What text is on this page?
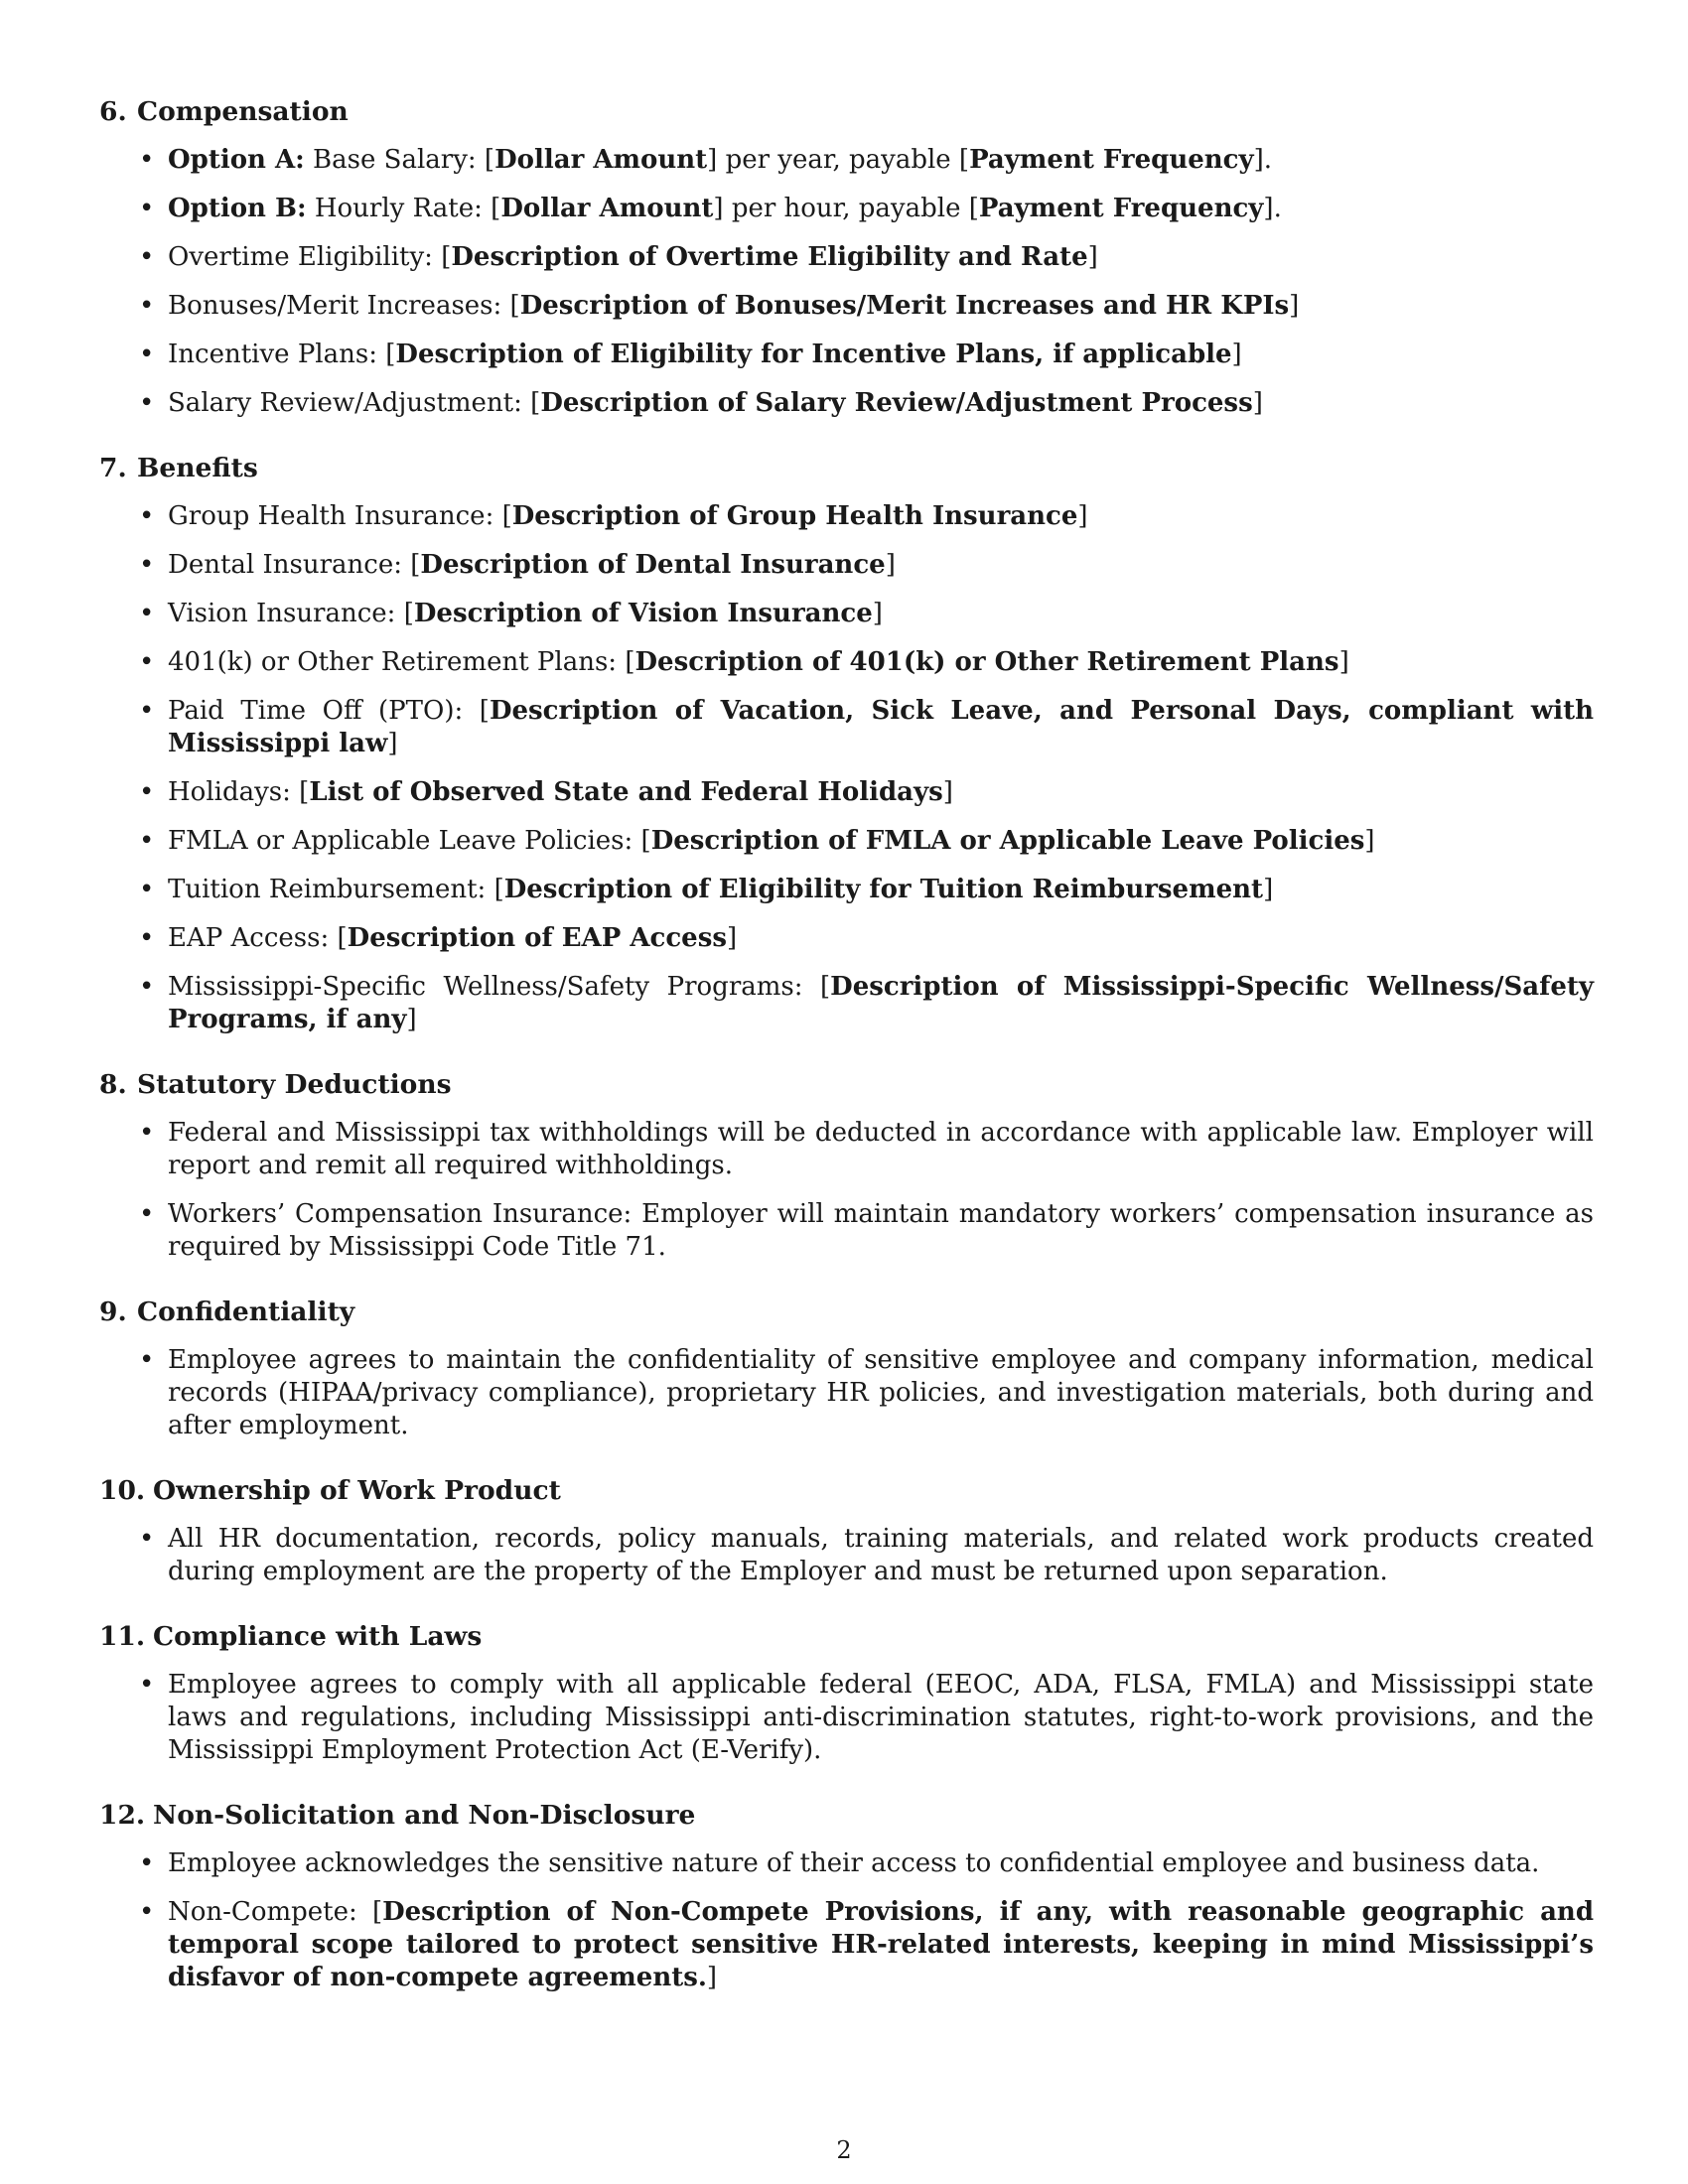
6. Compensation
• Option A: Base Salary: [Dollar Amount] per year, payable [Payment Frequency].
• Option B: Hourly Rate: [Dollar Amount] per hour, payable [Payment Frequency].
• Overtime Eligibility: [Description of Overtime Eligibility and Rate]
• Bonuses/Merit Increases: [Description of Bonuses/Merit Increases and HR KPIs]
• Incentive Plans: [Description of Eligibility for Incentive Plans, if applicable]
• Salary Review/Adjustment: [Description of Salary Review/Adjustment Process]
7. Benefits
• Group Health Insurance: [Description of Group Health Insurance]
• Dental Insurance: [Description of Dental Insurance]
• Vision Insurance: [Description of Vision Insurance]
• 401(k) or Other Retirement Plans: [Description of 401(k) or Other Retirement Plans]
• Paid Time Off (PTO): [Description of Vacation, Sick Leave, and Personal Days, compliant with Mississippi law]
• Holidays: [List of Observed State and Federal Holidays]
• FMLA or Applicable Leave Policies: [Description of FMLA or Applicable Leave Policies]
• Tuition Reimbursement: [Description of Eligibility for Tuition Reimbursement]
• EAP Access: [Description of EAP Access]
• Mississippi-Specific Wellness/Safety Programs: [Description of Mississippi-Specific Wellness/Safety Programs, if any]
8. Statutory Deductions
• Federal and Mississippi tax withholdings will be deducted in accordance with applicable law. Employer will report and remit all required withholdings.
• Workers’ Compensation Insurance: Employer will maintain mandatory workers’ compensation insurance as required by Mississippi Code Title 71.
9. Confidentiality
• Employee agrees to maintain the confidentiality of sensitive employee and company information, medical records (HIPAA/privacy compliance), proprietary HR policies, and investigation materials, both during and after employment.
10. Ownership of Work Product
• All HR documentation, records, policy manuals, training materials, and related work products created during employment are the property of the Employer and must be returned upon separation.
11. Compliance with Laws
• Employee agrees to comply with all applicable federal (EEOC, ADA, FLSA, FMLA) and Mississippi state laws and regulations, including Mississippi anti-discrimination statutes, right-to-work provisions, and the Mississippi Employment Protection Act (E-Verify).
12. Non-Solicitation and Non-Disclosure
• Employee acknowledges the sensitive nature of their access to confidential employee and business data.
• Non-Compete: [Description of Non-Compete Provisions, if any, with reasonable geographic and temporal scope tailored to protect sensitive HR-related interests, keeping in mind Mississippi’s disfavor of non-compete agreements.]
2
